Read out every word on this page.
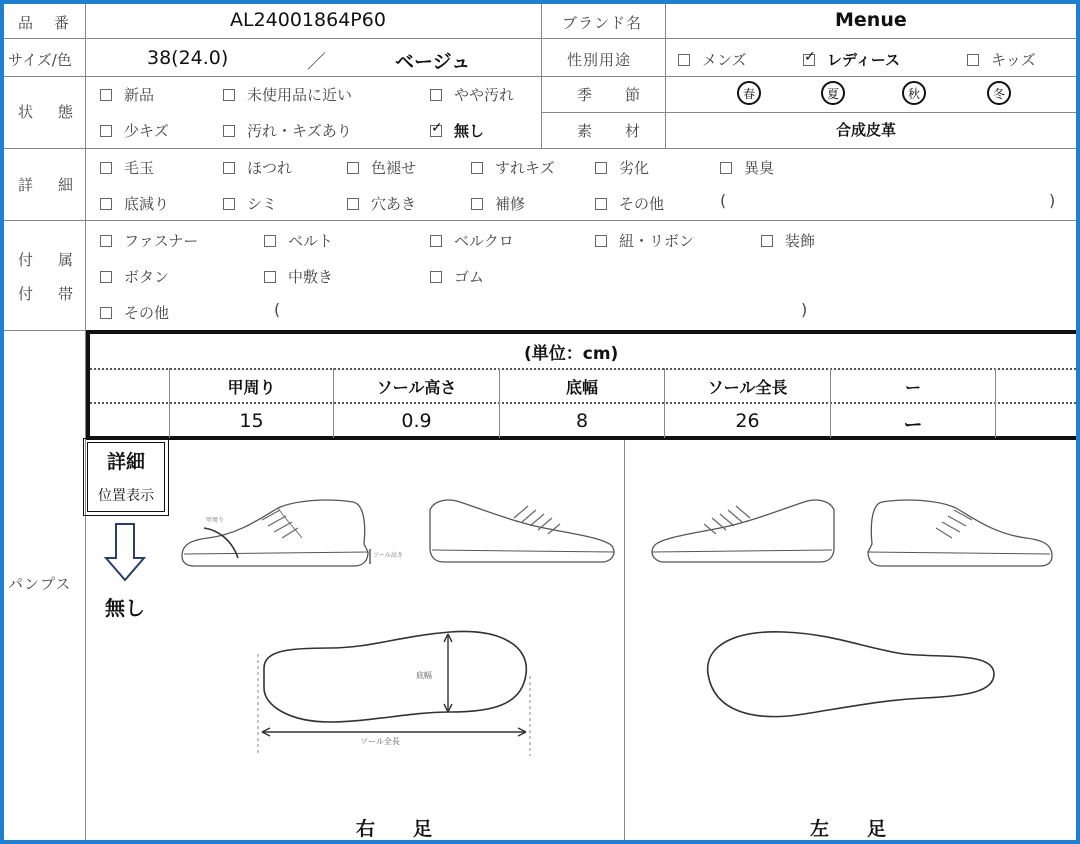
品　番	AL24001864P60	ブランド名	Menue
サイズ/色	38(24.0)	／	ベージュ	性別用途	メンズ ✓	レディース	キッズ
状　態
新品	未使用品に近い	やや汚れ
少キズ	汚れ・キズあり ✓	無し
季　節	春	夏	秋	冬
素　材	合成皮革
詳　細
毛玉	ほつれ	色褪せ	すれキズ	劣化	異臭
底減り	シミ	穴あき	補修	その他	(	)
付　属
付　帯
ファスナー	ベルト	ベルクロ	紐・リボン	装飾
ボタン	中敷き	ゴム
その他	(	)
パンプス
(単位：cm)
甲周り	ソール高さ	底幅	ソール全長	ー
15	0.9	8	26	ー
詳細
位置表示
無し
甲周り
ソール高さ
底幅
ソール全長
右　　足	左　　足
